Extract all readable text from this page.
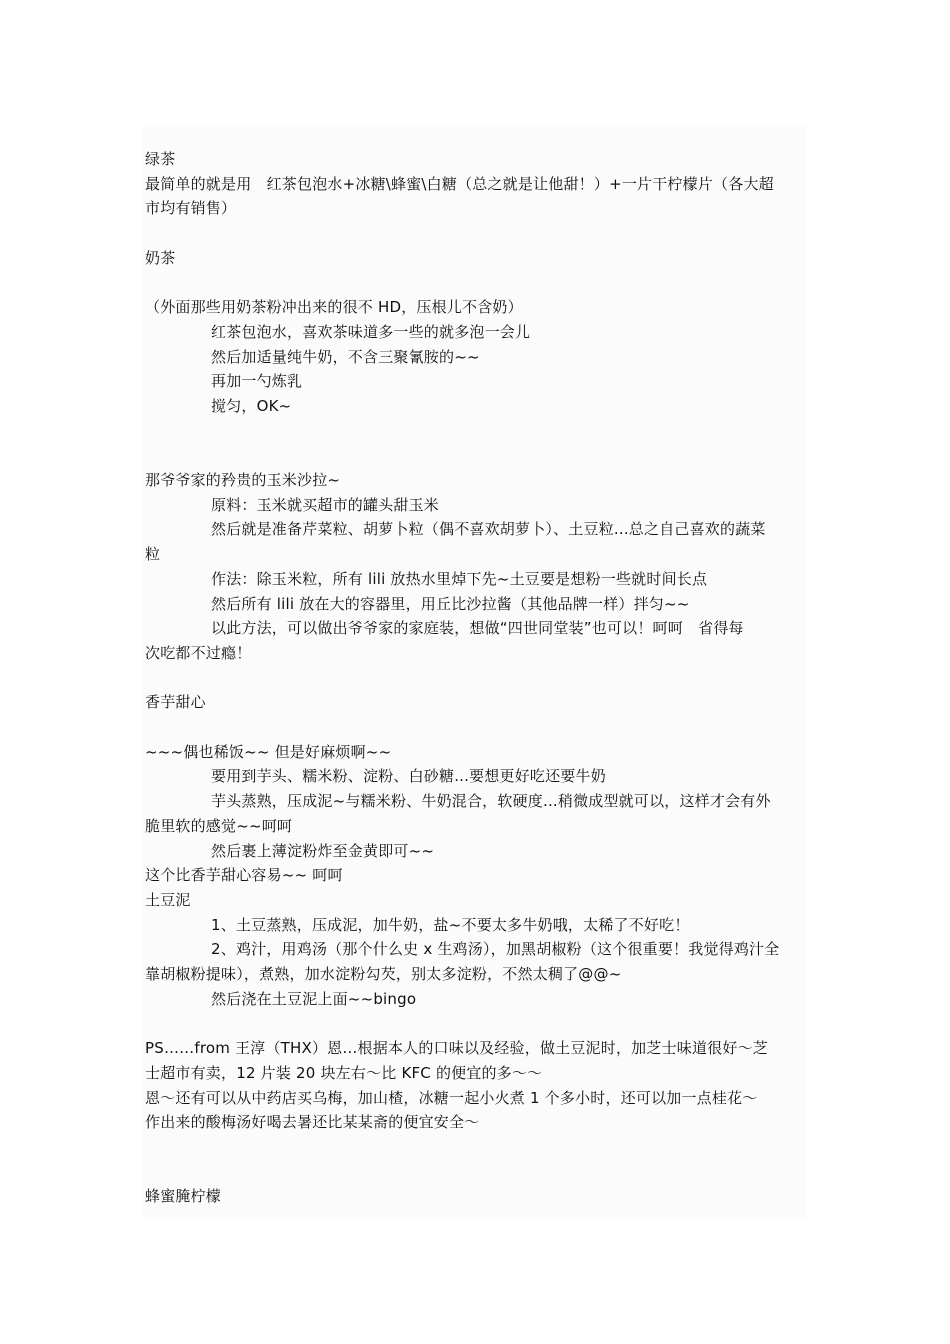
绿茶
最简单的就是用　红茶包泡水+冰糖\蜂蜜\白糖（总之就是让他甜！）+一片干柠檬片（各大超
市均有销售）
奶茶
（外面那些用奶茶粉冲出来的很不 HD，压根儿不含奶）
红茶包泡水，喜欢茶味道多一些的就多泡一会儿
然后加适量纯牛奶，不含三聚氰胺的~~
再加一勺炼乳
搅匀，OK~
那爷爷家的矜贵的玉米沙拉~
原料：玉米就买超市的罐头甜玉米
然后就是准备芹菜粒、胡萝卜粒（偶不喜欢胡萝卜）、土豆粒...总之自己喜欢的蔬菜
粒
作法：除玉米粒，所有 lili 放热水里焯下先~土豆要是想粉一些就时间长点
然后所有 lili 放在大的容器里，用丘比沙拉酱（其他品牌一样）拌匀~~
以此方法，可以做出爷爷家的家庭装，想做“四世同堂装”也可以！呵呵　省得每
次吃都不过瘾！
香芋甜心
~~~偶也稀饭~~ 但是好麻烦啊~~
要用到芋头、糯米粉、淀粉、白砂糖...要想更好吃还要牛奶
芋头蒸熟，压成泥~与糯米粉、牛奶混合，软硬度...稍微成型就可以，这样才会有外
脆里软的感觉~~呵呵
然后裹上薄淀粉炸至金黄即可~~
这个比香芋甜心容易~~ 呵呵
土豆泥
1、土豆蒸熟，压成泥，加牛奶，盐~不要太多牛奶哦，太稀了不好吃！
2、鸡汁，用鸡汤（那个什么史 x 生鸡汤），加黑胡椒粉（这个很重要！我觉得鸡汁全
靠胡椒粉提味），煮熟，加水淀粉勾芡，别太多淀粉，不然太稠了@@~
然后浇在土豆泥上面~~bingo
PS……from 王淳（THX）恩…根据本人的口味以及经验，做土豆泥时，加芝士味道很好～芝
士超市有卖，12 片装 20 块左右～比 KFC 的便宜的多～～
恩～还有可以从中药店买乌梅，加山楂，冰糖一起小火煮 1 个多小时，还可以加一点桂花～
作出来的酸梅汤好喝去暑还比某某斋的便宜安全～
蜂蜜腌柠檬
